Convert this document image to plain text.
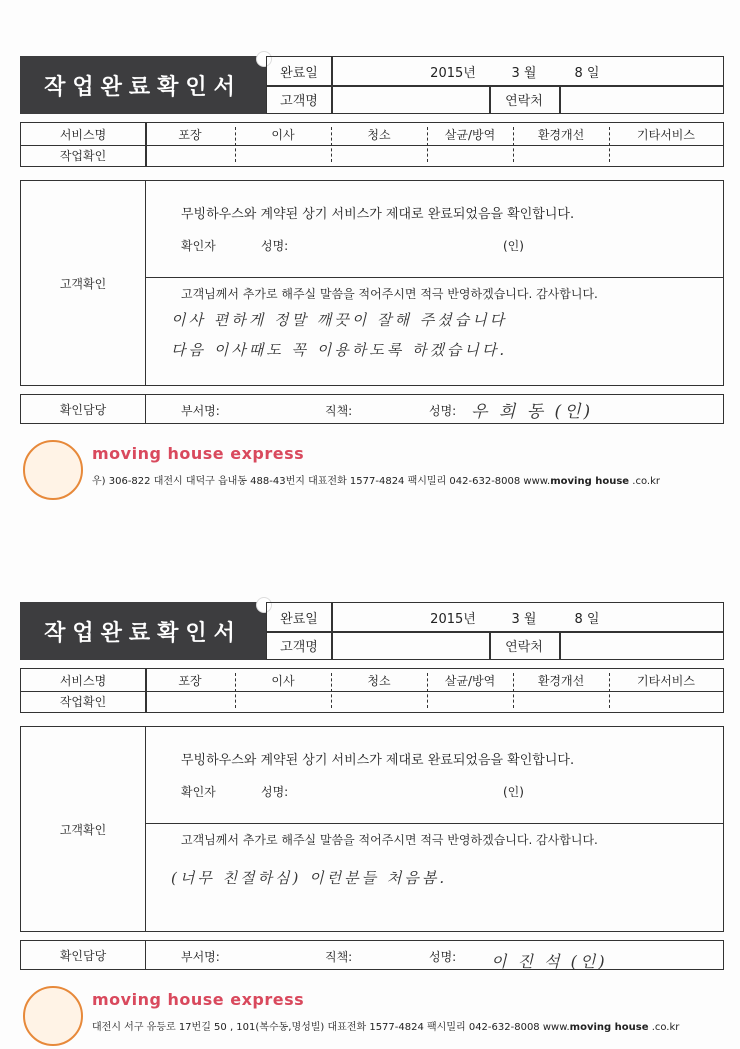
작업완료확인서
완료일	2015년	3 월	8 일
고객명	연락처
서비스명	포장	이사	청소	살균/방역	환경개선	기타서비스
작업확인
고객확인
무빙하우스와 계약된 상기 서비스가 제대로 완료되었음을 확인합니다.
확인자	성명:	(인)
고객님께서 추가로 해주실 말씀을 적어주시면 적극 반영하겠습니다. 감사합니다.
이사 편하게 정말 깨끗이 잘해 주셨습니다
다음 이사때도 꼭 이용하도록 하겠습니다.
확인담당	부서명:	직책:	성명: 우 희 동 (인)
moving house express
우) 306-822 대전시 대덕구 읍내동 488-43번지 대표전화 1577-4824 팩시밀리 042-632-8008 www.moving house .co.kr
작업완료확인서
완료일	2015년	3 월	8 일
고객명	연락처
서비스명	포장	이사	청소	살균/방역	환경개선	기타서비스
작업확인
고객확인
무빙하우스와 계약된 상기 서비스가 제대로 완료되었음을 확인합니다.
확인자	성명:	(인)
고객님께서 추가로 해주실 말씀을 적어주시면 적극 반영하겠습니다. 감사합니다.
(너무 친절하심) 이런분들 처음봄.
확인담당	부서명:	직책:	성명: 이 진 석 (인)
moving house express
대전시 서구 유등로 17번길 50 , 101(복수동,명성빌) 대표전화 1577-4824 팩시밀리 042-632-8008 www.moving house .co.kr
